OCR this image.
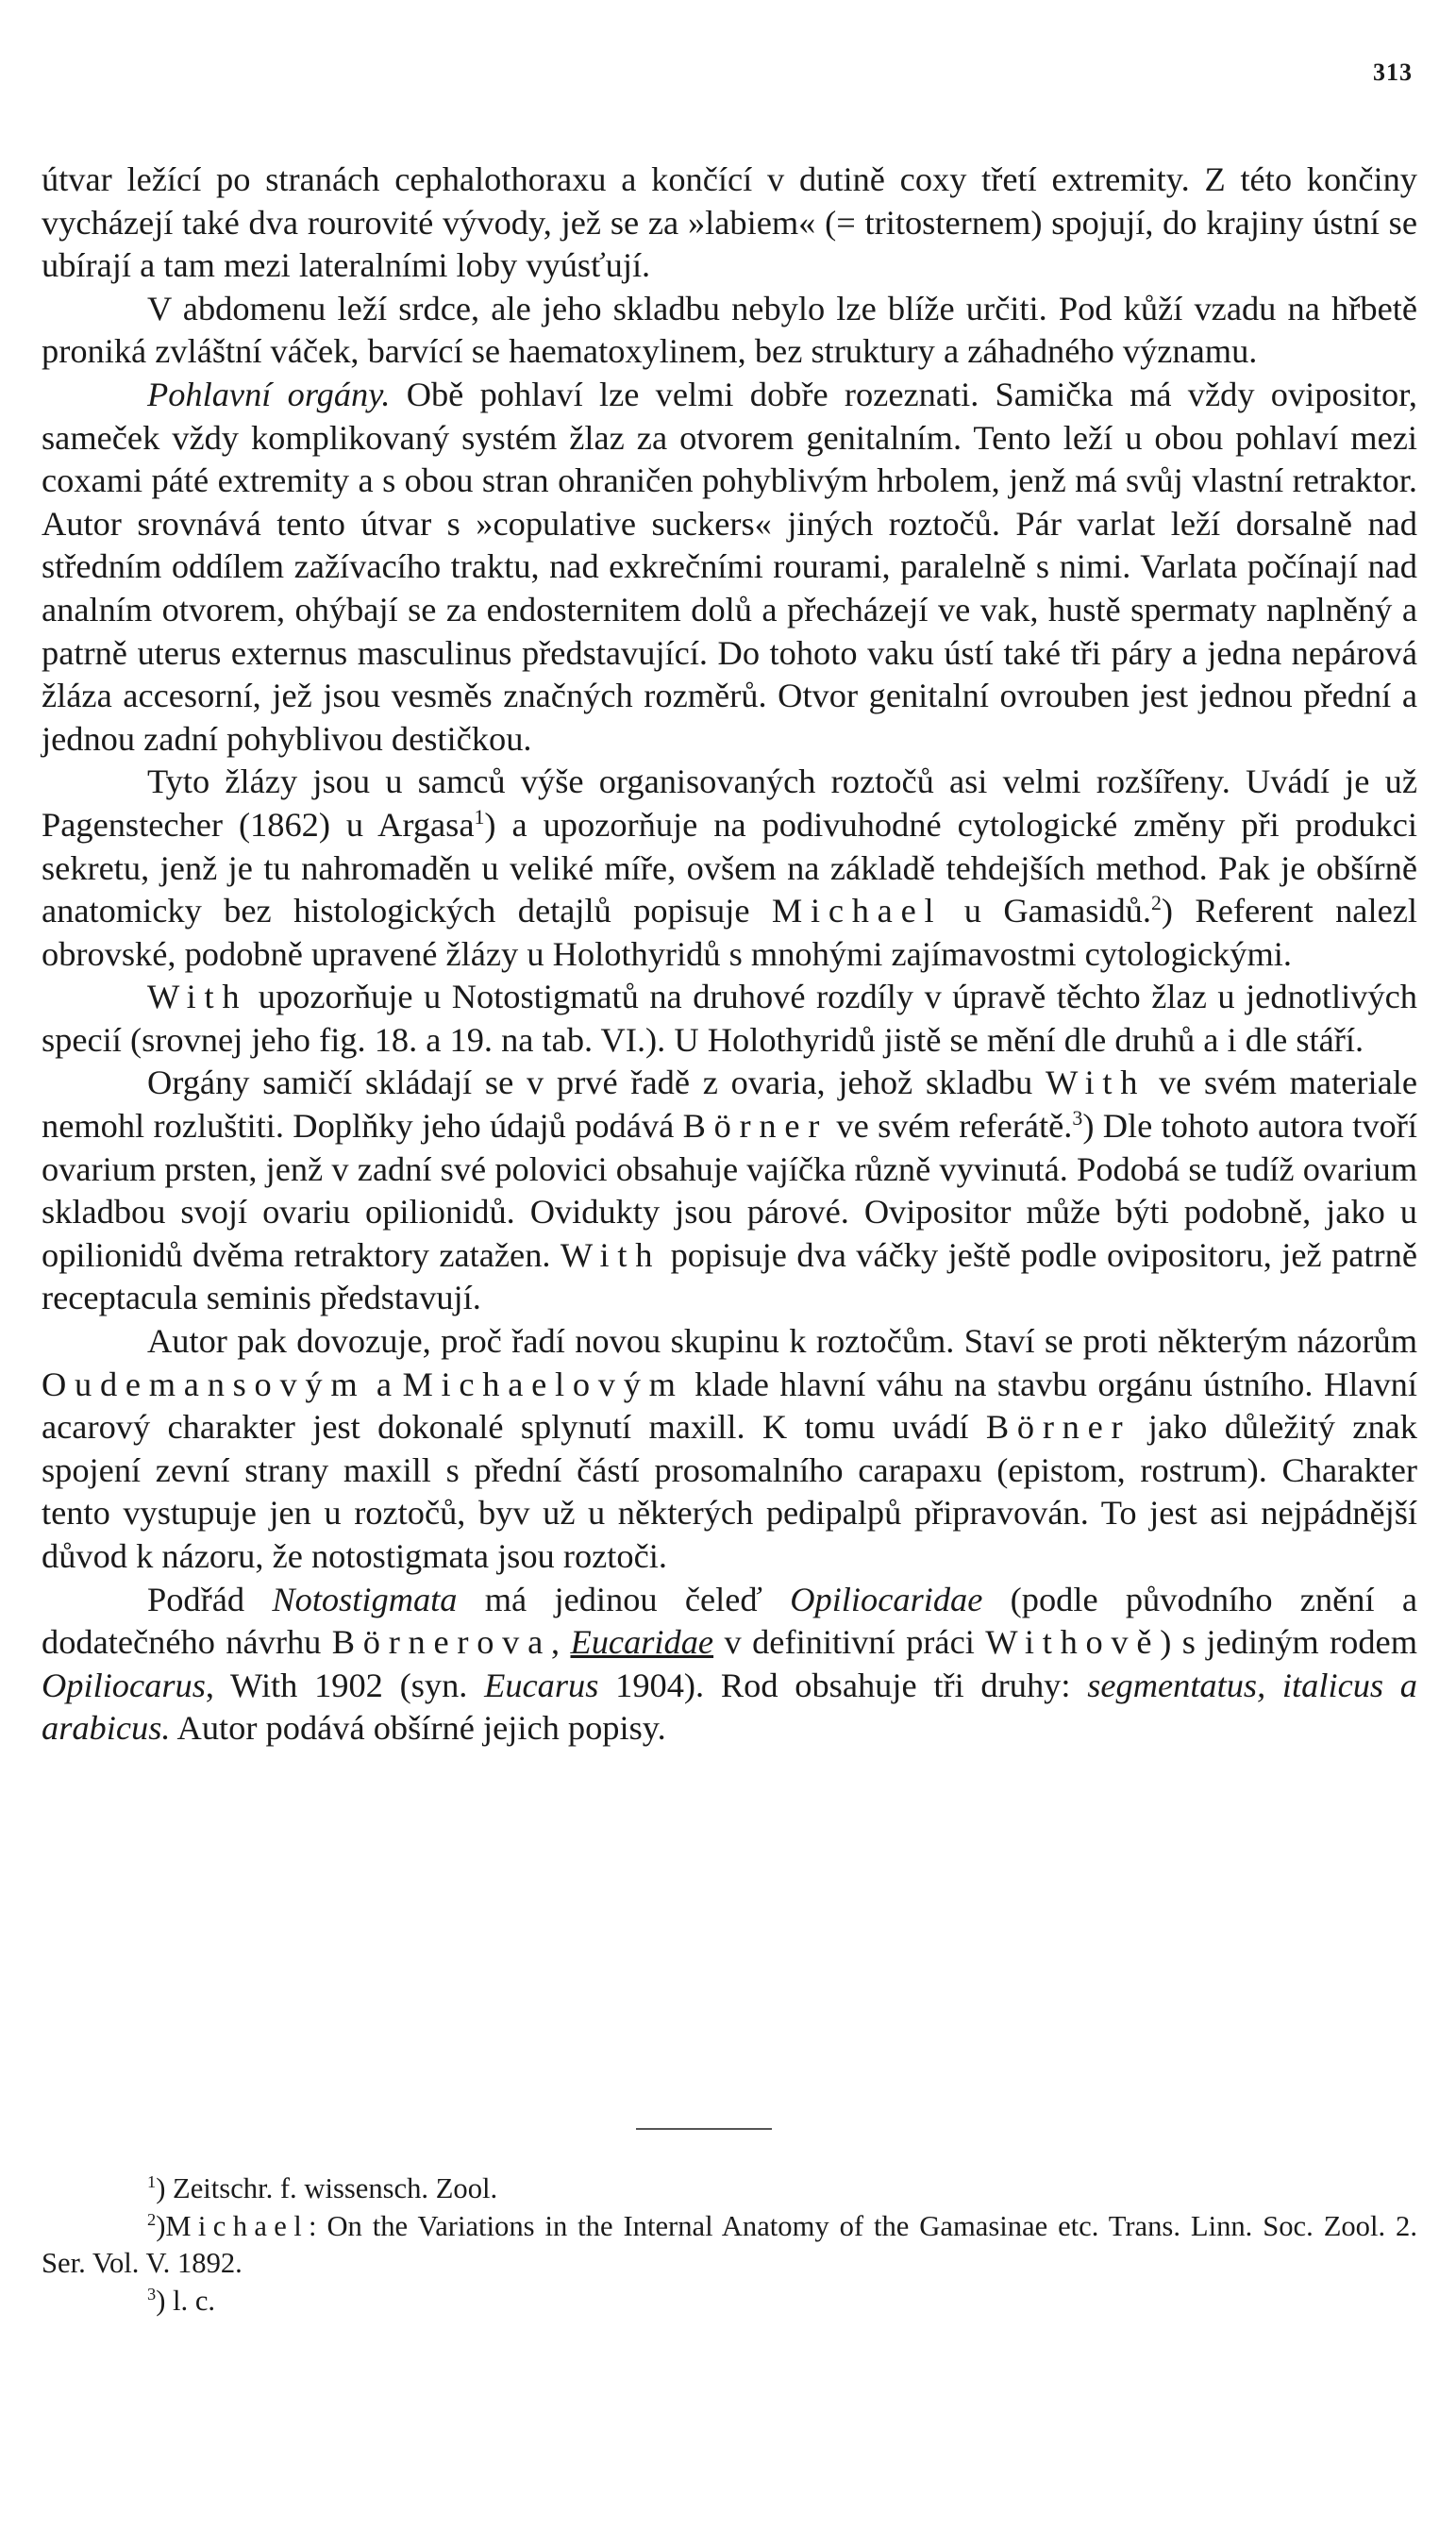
313

útvar ležící po stranách cephalothoraxu a končící v dutině coxy třetí extremity. Z této končiny vycházejí také dva rourovité vývody, jež se za »labiem« (= tritosternem) spojují, do krajiny ústní se ubírají a tam mezi lateralními loby vyúsťují.

V abdomenu leží srdce, ale jeho skladbu nebylo lze blíže určiti. Pod kůží vzadu na hřbetě proniká zvláštní váček, barvící se haematoxylinem, bez struktury a záhadného významu.

Pohlavní orgány. Obě pohlaví lze velmi dobře rozeznati. Samička má vždy ovipositor, sameček vždy komplikovaný systém žlaz za otvorem genitalním. Tento leží u obou pohlaví mezi coxami páté extremity a s obou stran ohraničen pohyblivým hrbolem, jenž má svůj vlastní retraktor. Autor srovnává tento útvar s »copulative suckers« jiných roztočů. Pár varlat leží dorsalně nad středním oddílem zažívacího traktu, nad exkrečními rourami, paralelně s nimi. Varlata počínají nad analním otvorem, ohýbají se za endosternitem dolů a přecházejí ve vak, hustě spermaty naplněný a patrně uterus externus masculinus představující. Do tohoto vaku ústí také tři páry a jedna nepárová žláza accesorní, jež jsou vesměs značných rozměrů. Otvor genitalní ovrouben jest jednou přední a jednou zadní pohyblivou destičkou.

Tyto žlázy jsou u samců výše organisovaných roztočů asi velmi rozšířeny. Uvádí je už Pagenstecher (1862) u Argasa$^1$) a upozorňuje na podivuhodné cytologické změny při produkci sekretu, jenž je tu nahromaděn u veliké míře, ovšem na základě tehdejších method. Pak je obšírně anatomicky bez histologických detajlů popisuje Michael u Gamasidů.$^2$) Referent nalezl obrovské, podobně upravené žlázy u Holothyridů s mnohými zajímavostmi cytologickými.

With upozorňuje u Notostigmatů na druhové rozdíly v úpravě těchto žlaz u jednotlivých specií (srovnej jeho fig. 18. a 19. na tab. VI.). U Holothyridů jistě se mění dle druhů a i dle stáří.

Orgány samičí skládají se v prvé řadě z ovaria, jehož skladbu With ve svém materiale nemohl rozluštiti. Doplňky jeho údajů podává Börner ve svém referátě.$^3$) Dle tohoto autora tvoří ovarium prsten, jenž v zadní své polovici obsahuje vajíčka různě vyvinutá. Podobá se tudíž ovarium skladbou svojí ovariu opilionidů. Ovidukty jsou párové. Ovipositor může býti podobně, jako u opilionidů dvěma retraktory zatažen. With popisuje dva váčky ještě podle ovipositoru, jež patrně receptacula seminis představují.

Autor pak dovozuje, proč řadí novou skupinu k roztočům. Staví se proti některým názorům Oudemansovým a Michaelovým klade hlavní váhu na stavbu orgánu ústního. Hlavní acarový charakter jest dokonalé splynutí maxill. K tomu uvádí Börner jako důležitý znak spojení zevní strany maxill s přední částí prosomalního carapaxu (epistom, rostrum). Charakter tento vystupuje jen u roztočů, byv už u některých pedipalpů připravován. To jest asi nejpádnější důvod k názoru, že notostigmata jsou roztoči.

Podřád Notostigmata má jedinou čeleď Opiliocaridae (podle původního znění a dodatečného návrhu Börnerova, Eucaridae v definitivní práci Withově) s jediným rodem Opiliocarus, With 1902 (syn. Eucarus 1904). Rod obsahuje tři druhy: segmentatus, italicus a arabicus. Autor podává obšírné jejich popisy.

$^1$) Zeitschr. f. wissensch. Zool.

$^2$)Michael: On the Variations in the Internal Anatomy of the Gamasinae etc. Trans. Linn. Soc. Zool. 2. Ser. Vol. V. 1892.

$^3$) l. c.
